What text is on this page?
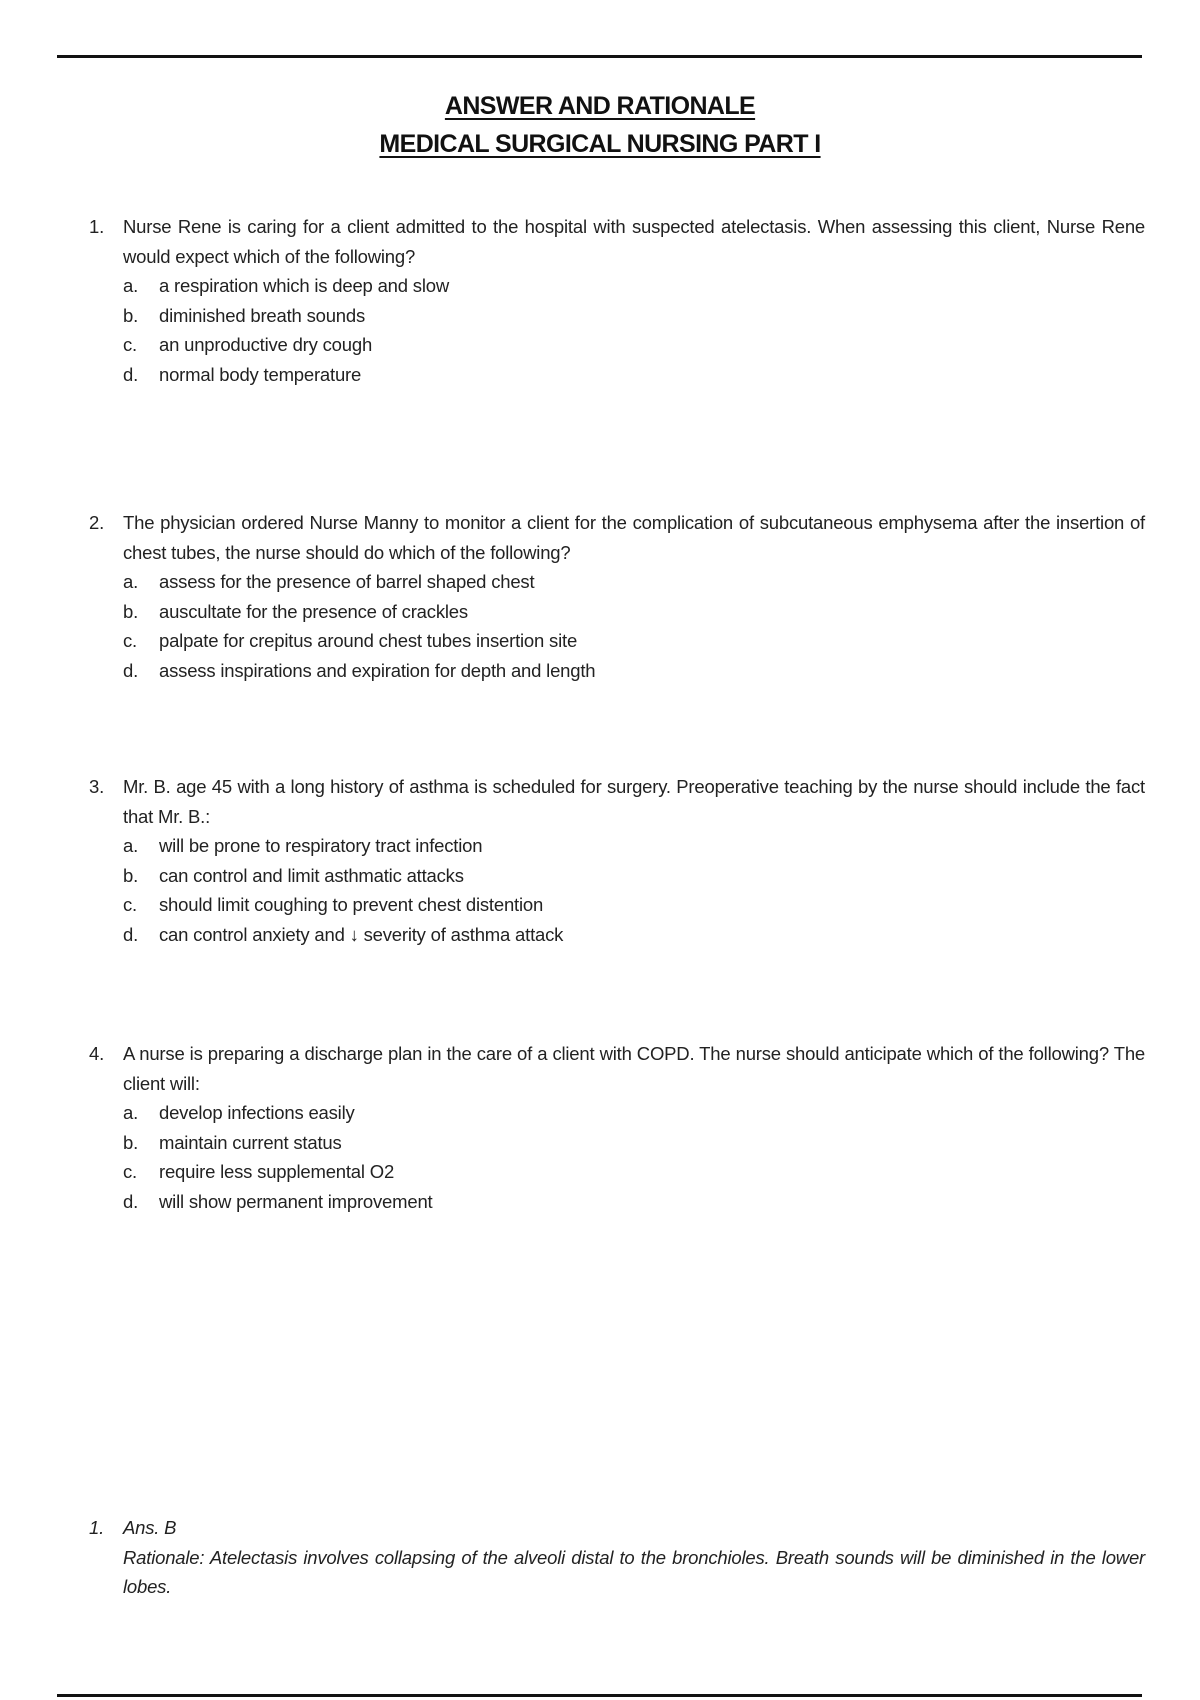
ANSWER AND RATIONALE
MEDICAL SURGICAL NURSING PART I
1. Nurse Rene is caring for a client admitted to the hospital with suspected atelectasis. When assessing this client, Nurse Rene would expect which of the following?
a.	a respiration which is deep and slow
b.	diminished breath sounds
c.	an unproductive dry cough
d.	normal body temperature
2. The physician ordered Nurse Manny to monitor a client for the complication of subcutaneous emphysema after the insertion of chest tubes, the nurse should do which of the following?
a.	assess for the presence of barrel shaped chest
b.	auscultate for the presence of crackles
c.	palpate for crepitus around chest tubes insertion site
d.	assess inspirations and expiration for depth and length
3. Mr. B. age 45 with a long history of asthma is scheduled for surgery. Preoperative teaching by the nurse should include the fact that Mr. B.:
a.	will be prone to respiratory tract infection
b.	can control and limit asthmatic attacks
c.	should limit coughing to prevent chest distention
d.	can control anxiety and ↓ severity of asthma attack
4. A nurse is preparing a discharge plan in the care of a client with COPD. The nurse should anticipate which of the following? The client will:
a.	develop infections easily
b.	maintain current status
c.	require less supplemental O2
d.	will show permanent improvement
1. Ans. B
Rationale: Atelectasis involves collapsing of the alveoli distal to the bronchioles. Breath sounds will be diminished in the lower lobes.
